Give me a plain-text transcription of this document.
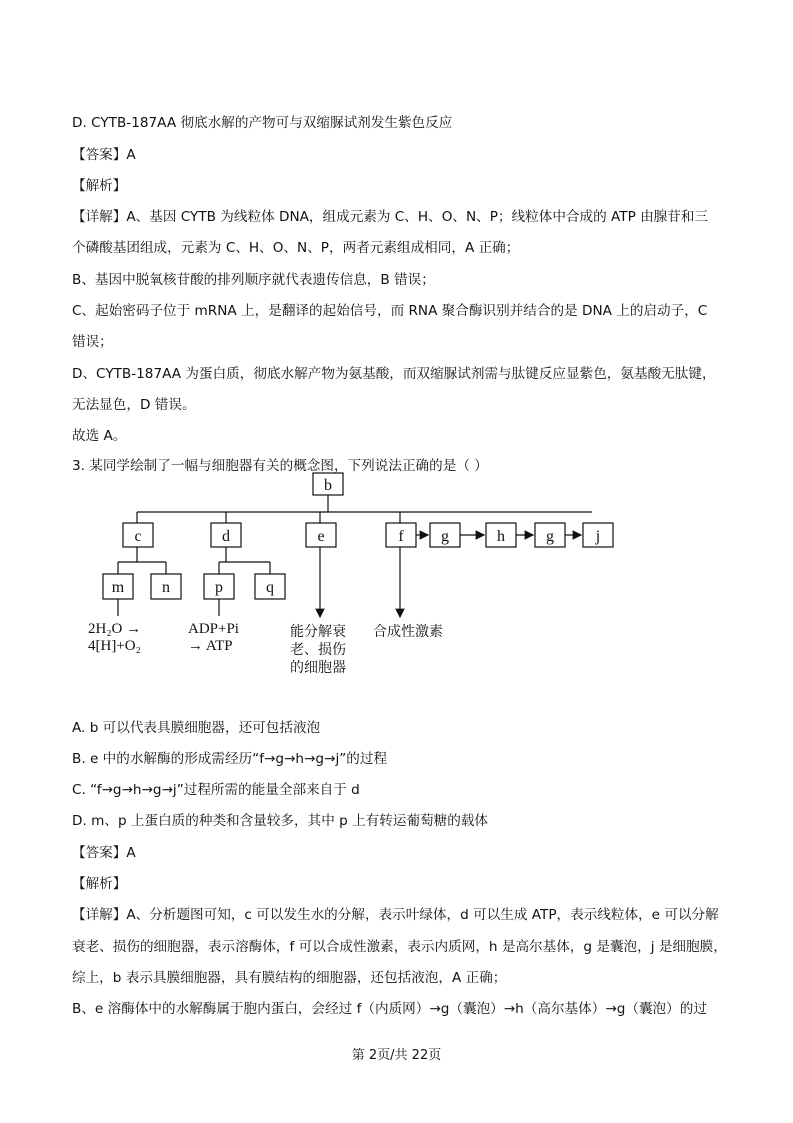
D. CYTB-187AA 彻底水解的产物可与双缩脲试剂发生紫色反应
【答案】A
【解析】
【详解】A、基因 CYTB 为线粒体 DNA，组成元素为 C、H、O、N、P；线粒体中合成的 ATP 由腺苷和三
个磷酸基团组成，元素为 C、H、O、N、P，两者元素组成相同，A 正确；
B、基因中脱氧核苷酸的排列顺序就代表遗传信息，B 错误；
C、起始密码子位于 mRNA 上，是翻译的起始信号，而 RNA 聚合酶识别并结合的是 DNA 上的启动子，C
错误；
D、CYTB-187AA 为蛋白质，彻底水解产物为氨基酸，而双缩脲试剂需与肽键反应显紫色，氨基酸无肽键，
无法显色，D 错误。
故选 A。
3. 某同学绘制了一幅与细胞器有关的概念图，下列说法正确的是（ ）
b
c	d	e	f g	h	g	j
m n	p	q
2H₂O →
4[H]+O₂
ADP+Pi
→ ATP
能分解衰
老、损伤
的细胞器
合成性激素
A. b 可以代表具膜细胞器，还可包括液泡
B. e 中的水解酶的形成需经历“f→g→h→g→j”的过程
C. “f→g→h→g→j”过程所需的能量全部来自于 d
D. m、p 上蛋白质的种类和含量较多，其中 p 上有转运葡萄糖的载体
【答案】A
【解析】
【详解】A、分析题图可知，c 可以发生水的分解，表示叶绿体，d 可以生成 ATP，表示线粒体，e 可以分解
衰老、损伤的细胞器，表示溶酶体，f 可以合成性激素，表示内质网，h 是高尔基体，g 是囊泡，j 是细胞膜，
综上，b 表示具膜细胞器，具有膜结构的细胞器，还包括液泡，A 正确；
B、e 溶酶体中的水解酶属于胞内蛋白，会经过 f（内质网）→g（囊泡）→h（高尔基体）→g（囊泡）的过
第 2页/共 22页
